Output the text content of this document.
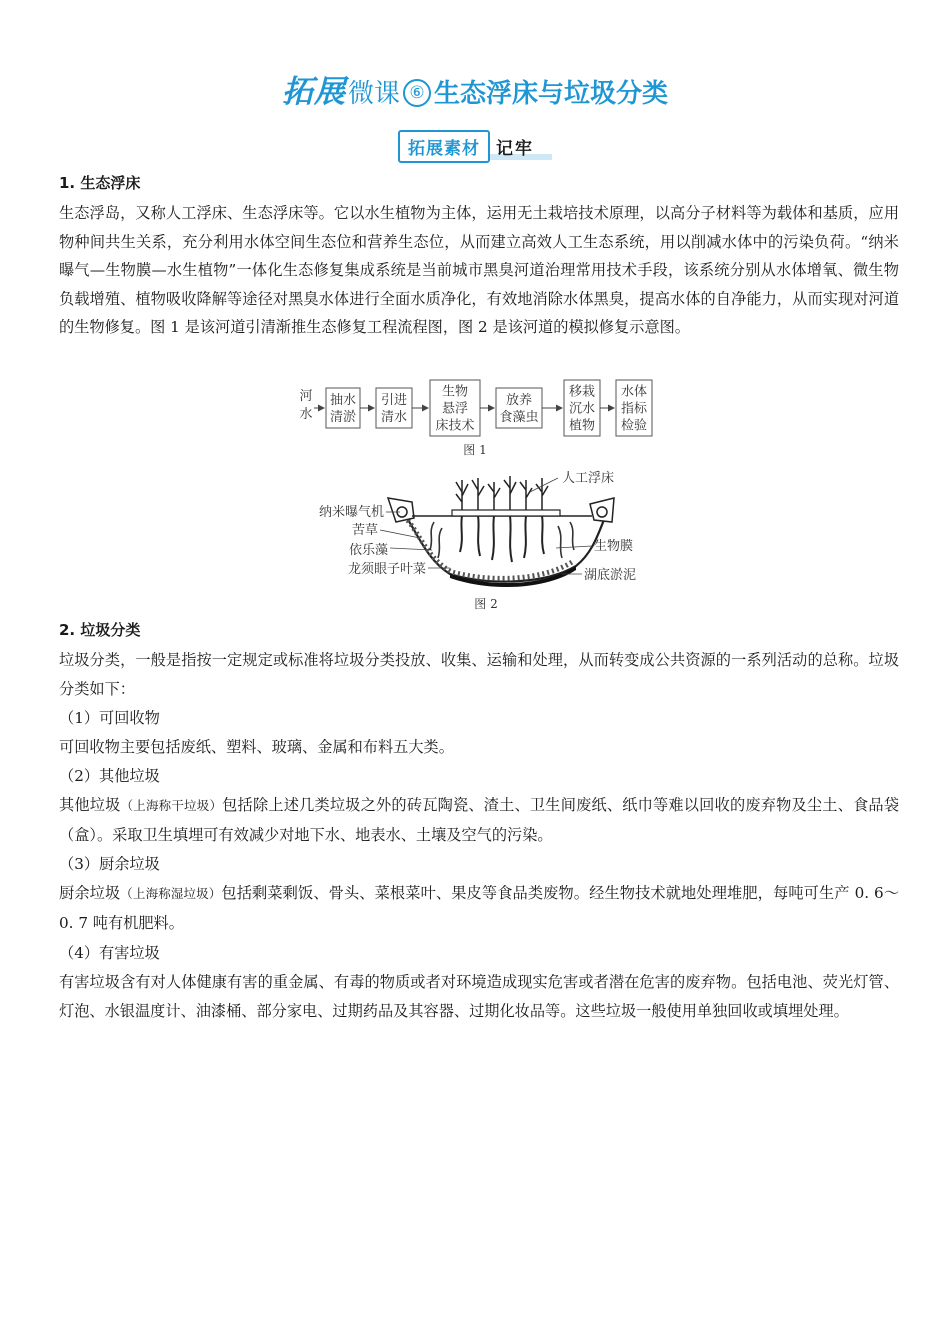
拓展微课 ⑥ 生态浮床与垃圾分类
拓展素材 记牢
1. 生态浮床
生态浮岛，又称人工浮床、生态浮床等。它以水生植物为主体，运用无土栽培技术原理，以高分子材料等为载体和基质，应用物种间共生关系，充分利用水体空间生态位和营养生态位，从而建立高效人工生态系统，用以削减水体中的污染负荷。“纳米曝气—生物膜—水生植物”一体化生态修复集成系统是当前城市黑臭河道治理常用技术手段，该系统分别从水体增氧、微生物负载增殖、植物吸收降解等途径对黑臭水体进行全面水质净化，有效地消除水体黑臭，提高水体的自净能力，从而实现对河道的生物修复。图 1 是该河道引清渐推生态修复工程流程图，图 2 是该河道的模拟修复示意图。
河
水
抽水
清淤
引进
清水
生物
悬浮
床技术
放养
食藻虫
移栽
沉水
植物
水体
指标
检验
图 1
人工浮床
纳米曝气机
苦草
依乐藻
龙须眼子叶菜
生物膜
湖底淤泥
图 2
2. 垃圾分类
垃圾分类，一般是指按一定规定或标准将垃圾分类投放、收集、运输和处理，从而转变成公共资源的一系列活动的总称。垃圾分类如下：
（1）可回收物
可回收物主要包括废纸、塑料、玻璃、金属和布料五大类。
（2）其他垃圾
其他垃圾（上海称干垃圾）包括除上述几类垃圾之外的砖瓦陶瓷、渣土、卫生间废纸、纸巾等难以回收的废弃物及尘土、食品袋（盒）。采取卫生填埋可有效减少对地下水、地表水、土壤及空气的污染。
（3）厨余垃圾
厨余垃圾（上海称湿垃圾）包括剩菜剩饭、骨头、菜根菜叶、果皮等食品类废物。经生物技术就地处理堆肥，每吨可生产 0. 6～0. 7 吨有机肥料。
（4）有害垃圾
有害垃圾含有对人体健康有害的重金属、有毒的物质或者对环境造成现实危害或者潜在危害的废弃物。包括电池、荧光灯管、灯泡、水银温度计、油漆桶、部分家电、过期药品及其容器、过期化妆品等。这些垃圾一般使用单独回收或填埋处理。
